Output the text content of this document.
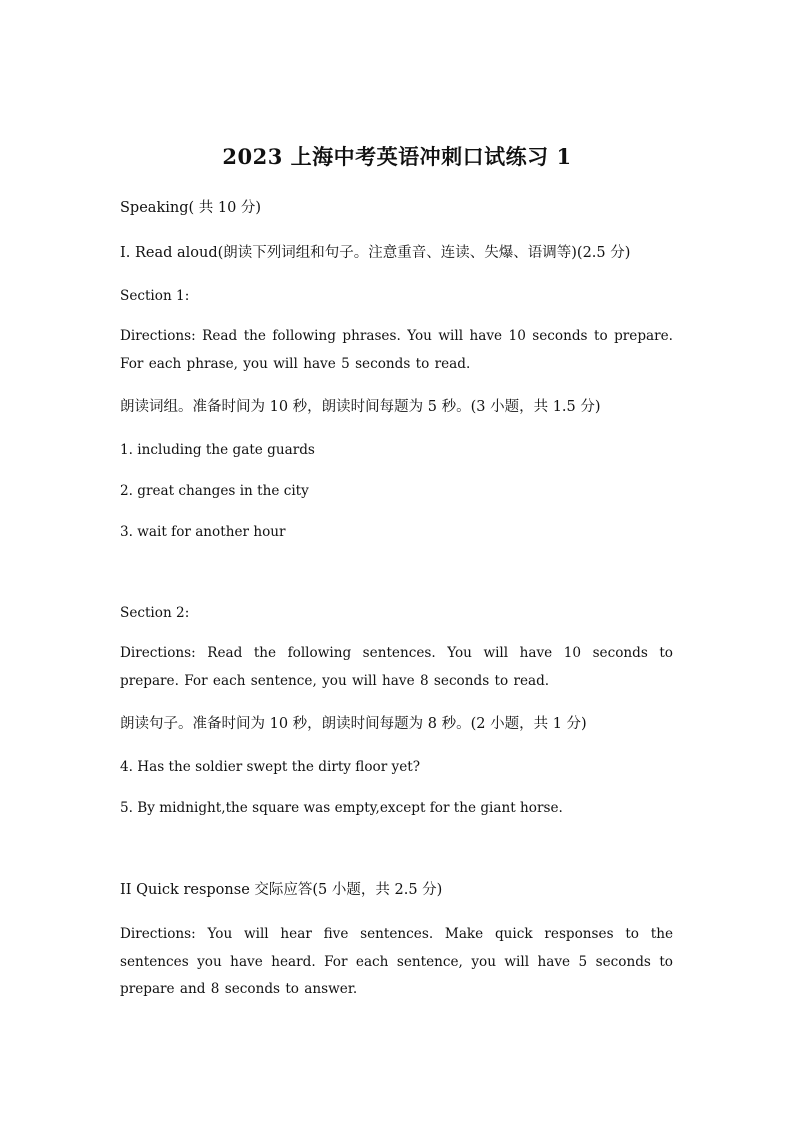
2023 上海中考英语冲刺口试练习 1
Speaking( 共 10 分)
I. Read aloud(朗读下列词组和句子。注意重音、连读、失爆、语调等)(2.5 分)
Section 1:
Directions: Read the following phrases. You will have 10 seconds to prepare. For each phrase, you will have 5 seconds to read.
朗读词组。准备时间为 10 秒，朗读时间每题为 5 秒。(3 小题，共 1.5 分)
1. including the gate guards
2. great changes in the city
3. wait for another hour
Section 2:
Directions: Read the following sentences. You will have 10 seconds to prepare. For each sentence, you will have 8 seconds to read.
朗读句子。准备时间为 10 秒，朗读时间每题为 8 秒。(2 小题，共 1 分)
4. Has the soldier swept the dirty floor yet?
5. By midnight,the square was empty,except for the giant horse.
II Quick response 交际应答(5 小题，共 2.5 分)
Directions: You will hear five sentences. Make quick responses to the sentences you have heard. For each sentence, you will have 5 seconds to prepare and 8 seconds to answer.
